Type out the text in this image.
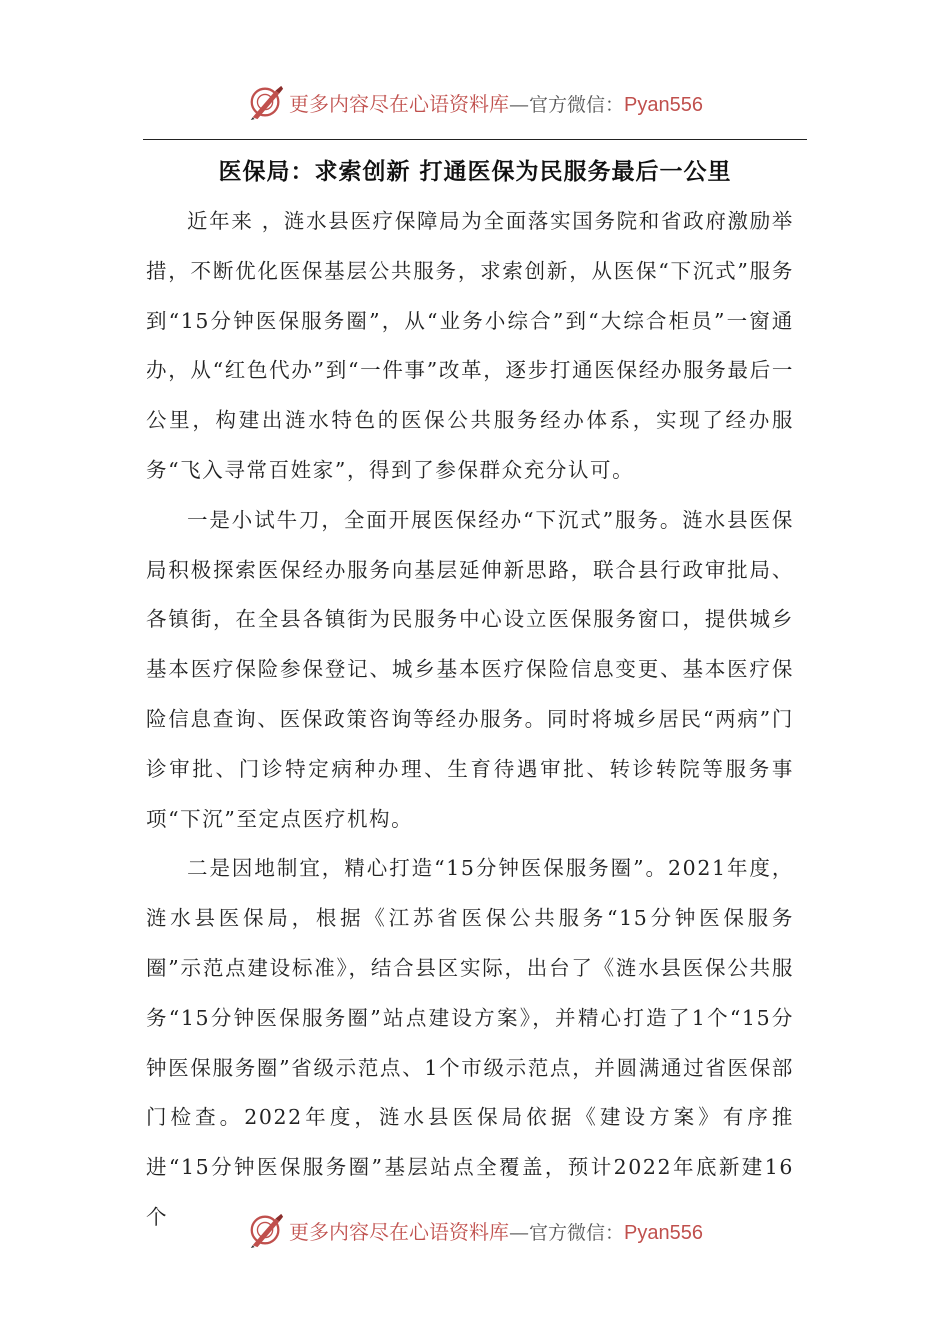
更多内容尽在心语资料库—官方微信：Pyan556
医保局：求索创新 打通医保为民服务最后一公里

近年来 ，涟水县医疗保障局为全面落实国务院和省政府激励举措，不断优化医保基层公共服务，求索创新，从医保“下沉式”服务到“15分钟医保服务圈”，从“业务小综合”到“大综合柜员”一窗通办，从“红色代办”到“一件事”改革，逐步打通医保经办服务最后一公里，构建出涟水特色的医保公共服务经办体系，实现了经办服务“飞入寻常百姓家”，得到了参保群众充分认可。

一是小试牛刀，全面开展医保经办“下沉式”服务。涟水县医保局积极探索医保经办服务向基层延伸新思路，联合县行政审批局、各镇街，在全县各镇街为民服务中心设立医保服务窗口，提供城乡基本医疗保险参保登记、城乡基本医疗保险信息变更、基本医疗保险信息查询、医保政策咨询等经办服务。同时将城乡居民“两病”门诊审批、门诊特定病种办理、生育待遇审批、转诊转院等服务事项“下沉”至定点医疗机构。

二是因地制宜，精心打造“15分钟医保服务圈”。2021年度，涟水县医保局，根据《江苏省医保公共服务“15分钟医保服务圈”示范点建设标准》，结合县区实际，出台了《涟水县医保公共服务“15分钟医保服务圈”站点建设方案》，并精心打造了1个“15分钟医保服务圈”省级示范点、1个市级示范点，并圆满通过省医保部门检查。2022年度，涟水县医保局依据《建设方案》有序推进“15分钟医保服务圈”基层站点全覆盖，预计2022年底新建16个

更多内容尽在心语资料库—官方微信：Pyan556
